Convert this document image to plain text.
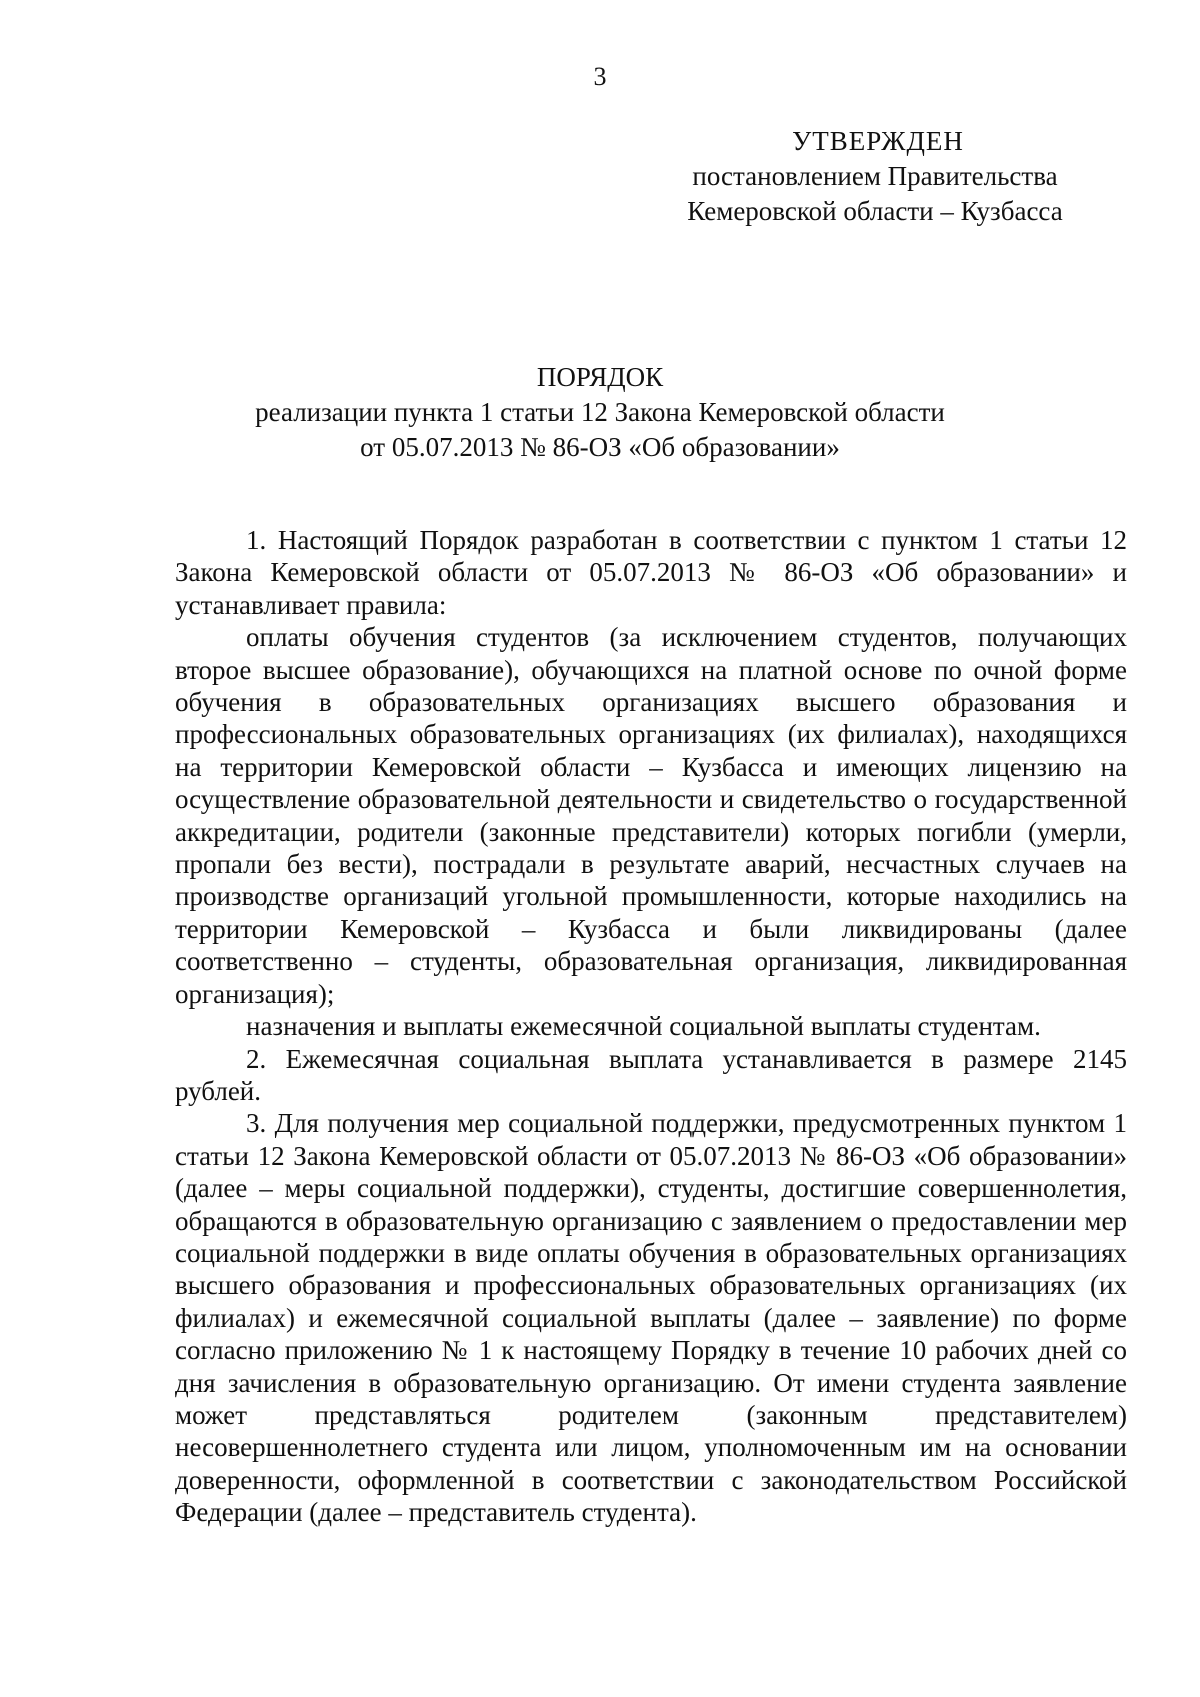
3
УТВЕРЖДЕН
постановлением Правительства
Кемеровской области – Кузбасса
ПОРЯДОК
реализации пункта 1 статьи 12 Закона Кемеровской области
от 05.07.2013 № 86-ОЗ «Об образовании»

1. Настоящий Порядок разработан в соответствии с пунктом 1 статьи 12 Закона Кемеровской области от 05.07.2013 № 86-ОЗ «Об образовании» и устанавливает правила:

оплаты обучения студентов (за исключением студентов, получающих второе высшее образование), обучающихся на платной основе по очной форме обучения в образовательных организациях высшего образования и профессиональных образовательных организациях (их филиалах), находящихся на территории Кемеровской области – Кузбасса и имеющих лицензию на осуществление образовательной деятельности и свидетельство о государственной аккредитации, родители (законные представители) которых погибли (умерли, пропали без вести), пострадали в результате аварий, несчастных случаев на производстве организаций угольной промышленности, которые находились на территории Кемеровской – Кузбасса и были ликвидированы (далее соответственно – студенты, образовательная организация, ликвидированная организация);

назначения и выплаты ежемесячной социальной выплаты студентам.

2. Ежемесячная социальная выплата устанавливается в размере 2145 рублей.

3. Для получения мер социальной поддержки, предусмотренных пунктом 1 статьи 12 Закона Кемеровской области от 05.07.2013 № 86-ОЗ «Об образовании» (далее – меры социальной поддержки), студенты, достигшие совершеннолетия, обращаются в образовательную организацию с заявлением о предоставлении мер социальной поддержки в виде оплаты обучения в образовательных организациях высшего образования и профессиональных образовательных организациях (их филиалах) и ежемесячной социальной выплаты (далее – заявление) по форме согласно приложению № 1 к настоящему Порядку в течение 10 рабочих дней со дня зачисления в образовательную организацию. От имени студента заявление может представляться родителем (законным представителем) несовершеннолетнего студента или лицом, уполномоченным им на основании доверенности, оформленной в соответствии с законодательством Российской Федерации (далее – представитель студента).
